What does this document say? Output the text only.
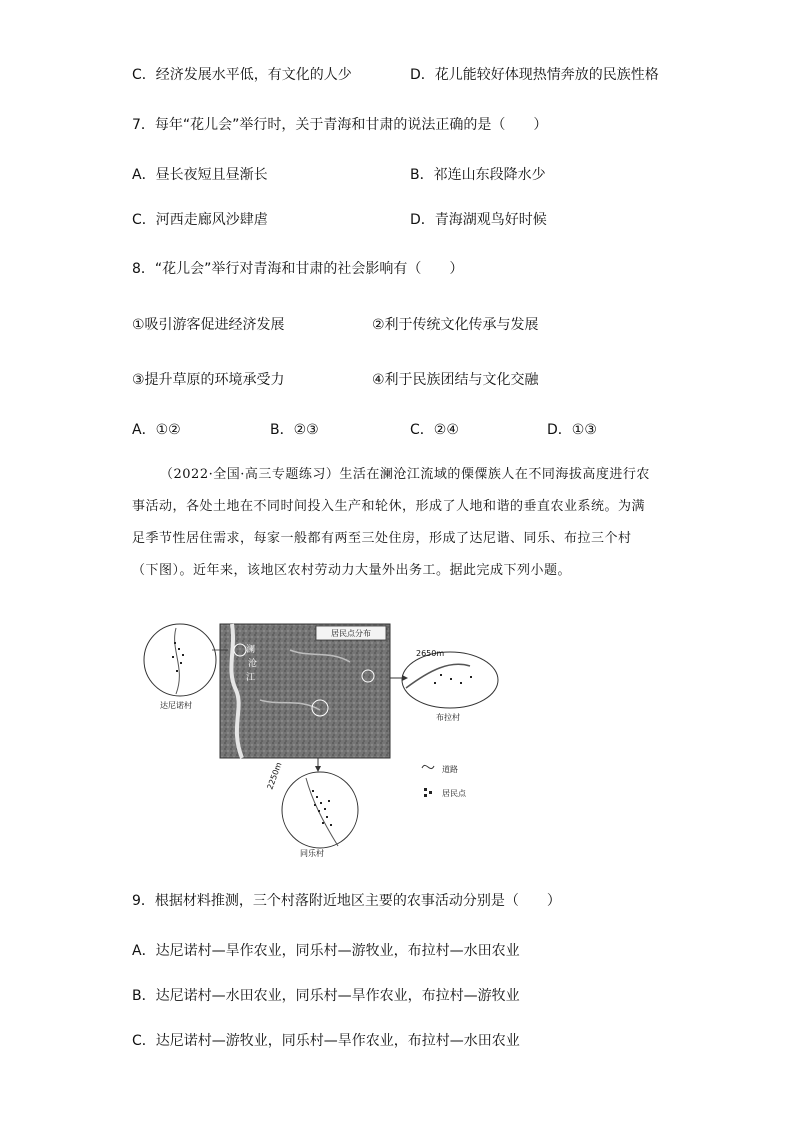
C．经济发展水平低，有文化的人少	D．花儿能较好体现热情奔放的民族性格
7．每年“花儿会”举行时，关于青海和甘肃的说法正确的是（　　）
A．昼长夜短且昼渐长	B．祁连山东段降水少
C．河西走廊风沙肆虐	D．青海湖观鸟好时候
8．“花儿会”举行对青海和甘肃的社会影响有（　　）
①吸引游客促进经济发展	②利于传统文化传承与发展
③提升草原的环境承受力	④利于民族团结与文化交融
A．①②	B．②③	C．②④	D．①③

（2022·全国·高三专题练习）生活在澜沧江流域的傈僳族人在不同海拔高度进行农事活动，各处土地在不同时间投入生产和轮休，形成了人地和谐的垂直农业系统。为满足季节性居住需求，每家一般都有两至三处住房，形成了达尼谐、同乐、布拉三个村（下图）。近年来，该地区农村劳动力大量外出务工。据此完成下列小题。

澜
沧
江
居民点分布
达尼诺村
2650m
布拉村
2250m
同乐村
道路
居民点
9．根据材料推测，三个村落附近地区主要的农事活动分别是（　　）
A．达尼诺村—旱作农业，同乐村—游牧业，布拉村—水田农业
B．达尼诺村—水田农业，同乐村—旱作农业，布拉村—游牧业
C．达尼诺村—游牧业，同乐村—旱作农业，布拉村—水田农业
